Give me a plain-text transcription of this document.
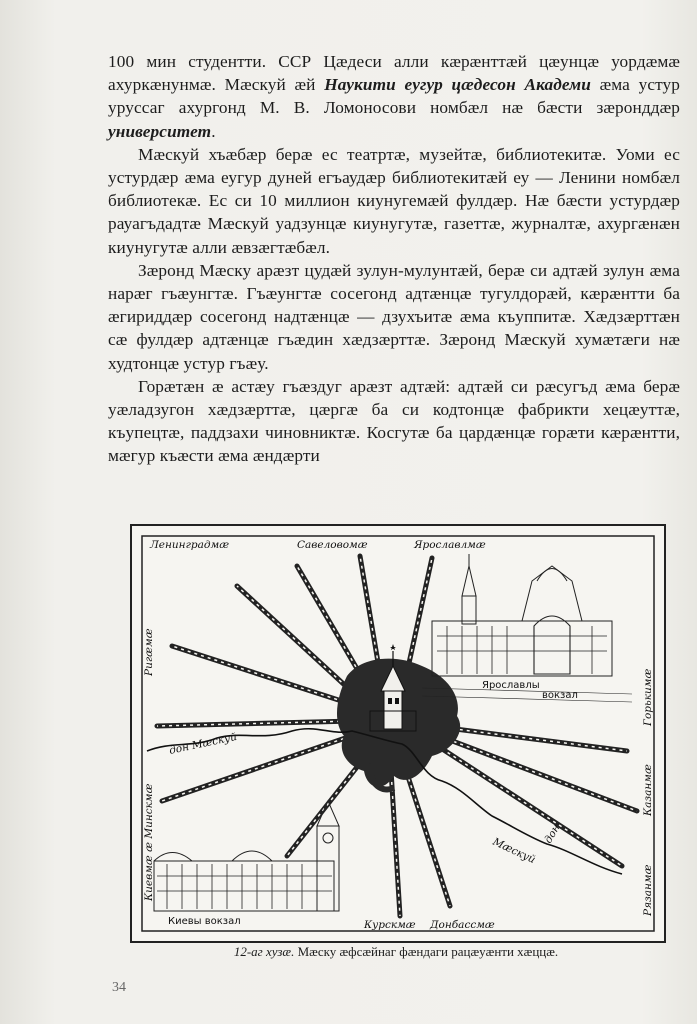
100 мин студентти. ССР Цæдеси алли кæрæнттæй цæунцæ уордæмæ ахуркæнунмæ. Мæскуй æй Наукити еугур цæдесон Академи æма устур уруссаг ахургонд М. В. Ломоносови номбæл нæ бæсти зæронддæр университет.

Мæскуй хъæбæр берæ ес театртæ, музейтæ, библиотекитæ. Уоми ес устурдæр æма еугур дуней егъаудæр библиотекитæй еу — Ленини номбæл библиотекæ. Ес си 10 миллион киунугемæй фулдæр. Нæ бæсти устурдæр рауагъдадтæ Мæскуй уадзунцæ киунугутæ, газеттæ, журналтæ, ахургæнæн киунугутæ алли æвзæгтæбæл.

Зæронд Мæску арæзт цудæй зулун-мулунтæй, берæ си адтæй зулун æма нарæг гъæунгтæ. Гъæунгтæ сосегонд адтæнцæ тугулдорæй, кæрæнтти ба æгириддæр сосегонд надтæнцæ — дзухъитæ æма къуппитæ. Хæдзæрттæн сæ фулдæр адтæнцæ гъæдин хæдзæрттæ. Зæронд Мæскуй хумæтæги нæ худтонцæ устур гъæу.

Горæтæн æ астæу гъæздуг арæзт адтæй: адтæй си рæсугъд æма берæ уæладзугон хæдзæрттæ, цæргæ ба си кодтонцæ фабрикти хецæуттæ, къупецтæ, паддзахи чиновниктæ. Косгутæ ба цардæнцæ горæти кæрæнтти, мæгур къæсти æма æндæрти

Ленинградмæ	Савеловомæ	Ярославлмæ
Ригæмæ
Киевмæ æ Минскмæ
Горькимæ
Казанмæ
Рязанмæ
Курскмæ Донбассмæ
дон Мæскуй
дон
Мæскуй
Ярославлы
вокзал
Киевы вокзал
12-аг хузæ. Мæску æфсæйнаг фæндаги рацæуæнти хæццæ.
34
